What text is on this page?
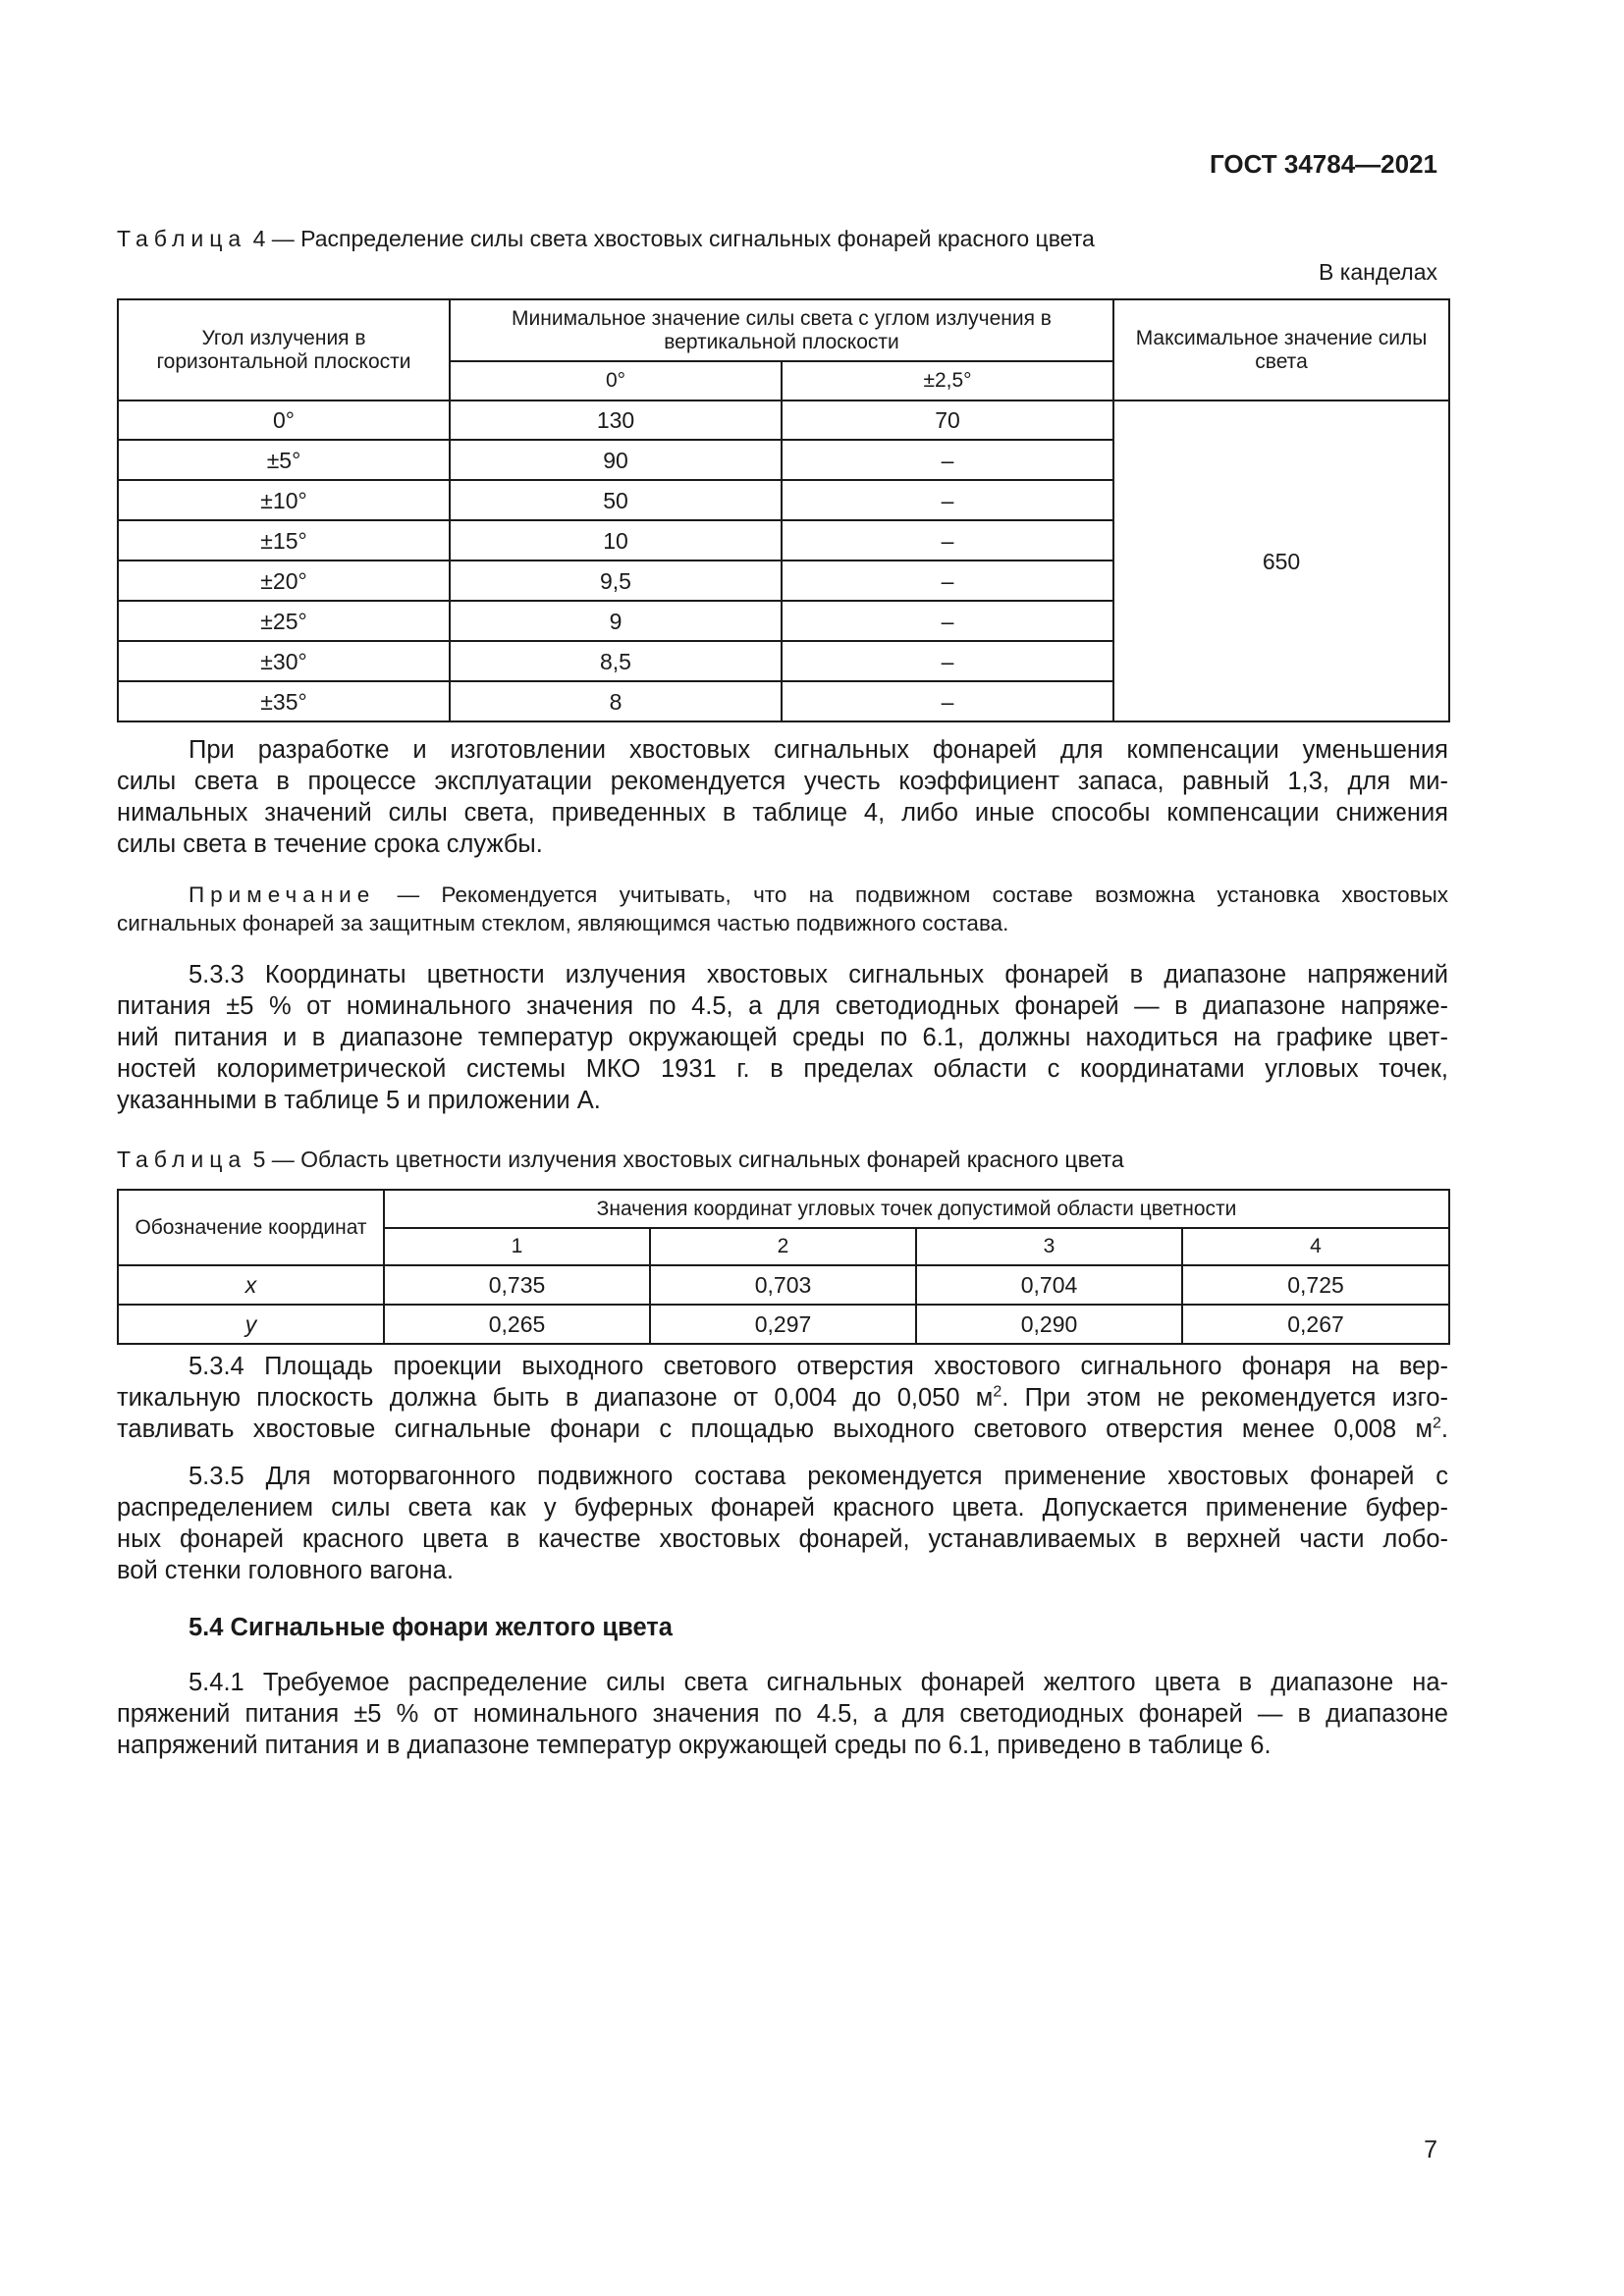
ГОСТ 34784—2021
Таблица 4 — Распределение силы света хвостовых сигнальных фонарей красного цвета
В канделах
Угол излучения в горизонтальной плоскости	Минимальное значение силы света с углом излучения в вертикальной плоскости		Максимальное значение силы света
	0°	±2,5°	
0°	130	70	650
±5°	90	–	
±10°	50	–	
±15°	10	–	
±20°	9,5	–	
±25°	9	–	
±30°	8,5	–	
±35°	8	–	
При разработке и изготовлении хвостовых сигнальных фонарей для компенсации уменьшения
силы света в процессе эксплуатации рекомендуется учесть коэффициент запаса, равный 1,3, для ми-
нимальных значений силы света, приведенных в таблице 4, либо иные способы компенсации снижения
силы света в течение срока службы.
Примечание — Рекомендуется учитывать, что на подвижном составе возможна установка хвостовых
сигнальных фонарей за защитным стеклом, являющимся частью подвижного состава.
5.3.3 Координаты цветности излучения хвостовых сигнальных фонарей в диапазоне напряжений
питания ±5 % от номинального значения по 4.5, а для светодиодных фонарей — в диапазоне напряже-
ний питания и в диапазоне температур окружающей среды по 6.1, должны находиться на графике цвет-
ностей колориметрической системы МКО 1931 г. в пределах области с координатами угловых точек,
указанными в таблице 5 и приложении А.
Таблица 5 — Область цветности излучения хвостовых сигнальных фонарей красного цвета
Обозначение координат	Значения координат угловых точек допустимой области цветности			
	1	2	3	4
x	0,735	0,703	0,704	0,725
y	0,265	0,297	0,290	0,267
5.3.4 Площадь проекции выходного светового отверстия хвостового сигнального фонаря на вер-
тикальную плоскость должна быть в диапазоне от 0,004 до 0,050 $м^2$. При этом не рекомендуется изго-
тавливать хвостовые сигнальные фонари с площадью выходного светового отверстия менее 0,008 $м^2$.
5.3.5 Для моторвагонного подвижного состава рекомендуется применение хвостовых фонарей с
распределением силы света как у буферных фонарей красного цвета. Допускается применение буфер-
ных фонарей красного цвета в качестве хвостовых фонарей, устанавливаемых в верхней части лобо-
вой стенки головного вагона.
5.4 Сигнальные фонари желтого цвета
5.4.1 Требуемое распределение силы света сигнальных фонарей желтого цвета в диапазоне на-
пряжений питания ±5 % от номинального значения по 4.5, а для светодиодных фонарей — в диапазоне
напряжений питания и в диапазоне температур окружающей среды по 6.1, приведено в таблице 6.
7
